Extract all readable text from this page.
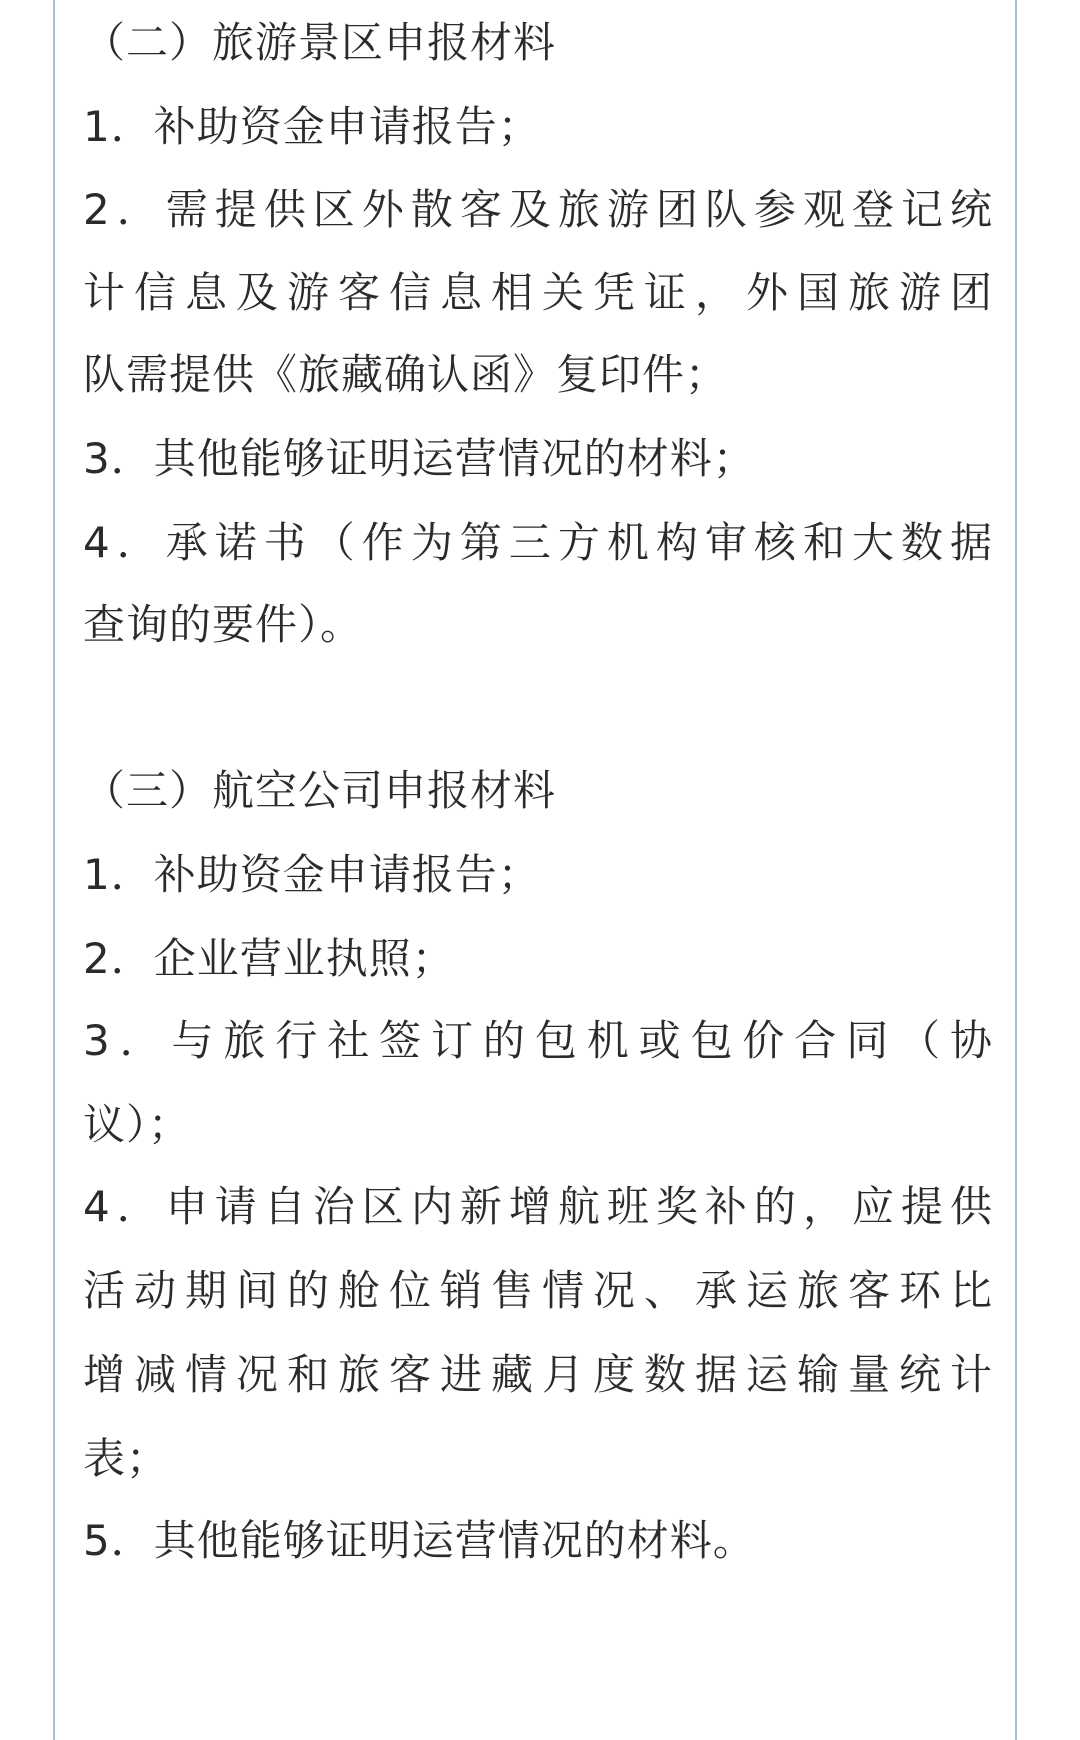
（二）旅游景区申报材料
1．补助资金申请报告；
2．需提供区外散客及旅游团队参观登记统
计信息及游客信息相关凭证，外国旅游团
队需提供《旅藏确认函》复印件；
3．其他能够证明运营情况的材料；
4．承诺书（作为第三方机构审核和大数据
查询的要件）。
（三）航空公司申报材料
1．补助资金申请报告；
2．企业营业执照；
3．与旅行社签订的包机或包价合同（协
议）；
4．申请自治区内新增航班奖补的，应提供
活动期间的舱位销售情况、承运旅客环比
增减情况和旅客进藏月度数据运输量统计
表；
5．其他能够证明运营情况的材料。
